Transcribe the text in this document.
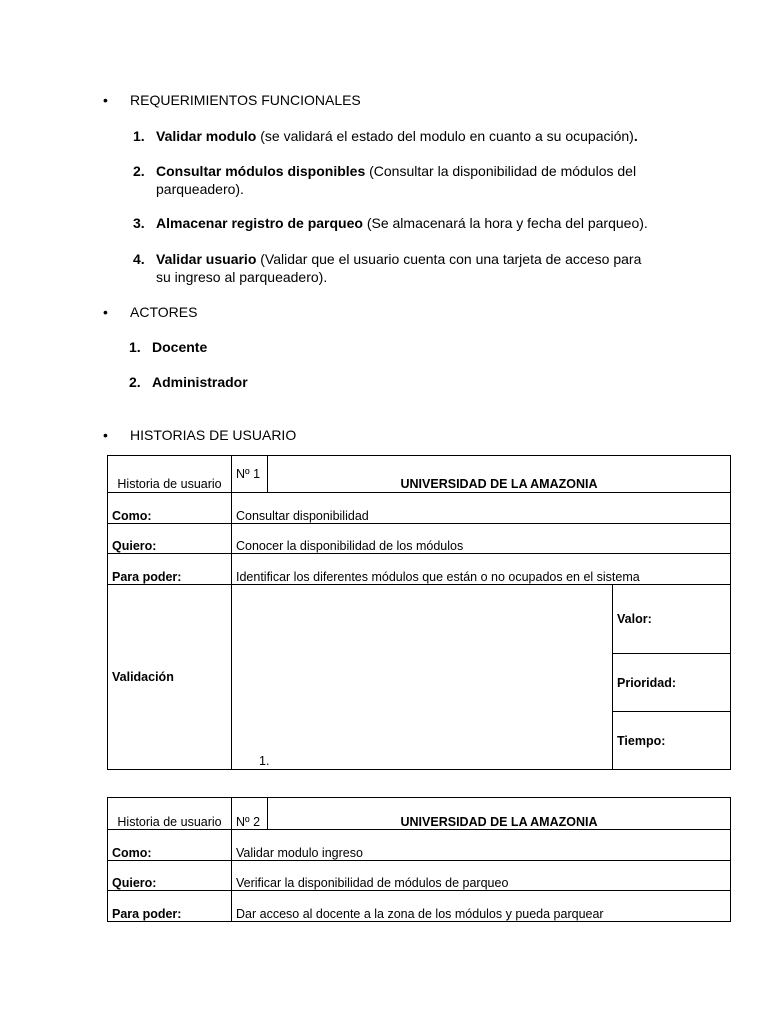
•	REQUERIMIENTOS FUNCIONALES
1. Validar modulo (se validará el estado del modulo en cuanto a su ocupación).
2. Consultar módulos disponibles (Consultar la disponibilidad de módulos del parqueadero).
3. Almacenar registro de parqueo (Se almacenará la hora y fecha del parqueo).
4. Validar usuario (Validar que el usuario cuenta con una tarjeta de acceso para su ingreso al parqueadero).
•	ACTORES
1. Docente
2. Administrador
•	HISTORIAS DE USUARIO
Historia de usuario	Nº 1	UNIVERSIDAD DE LA AMAZONIA	
Como:	Consultar disponibilidad		
Quiero:	Conocer la disponibilidad de los módulos		
Para poder:	Identificar los diferentes módulos que están o no ocupados en el sistema		
Validación	1.		Valor:
			Prioridad:
			Tiempo:
Historia de usuario	Nº 2	UNIVERSIDAD DE LA AMAZONIA
Como:	Validar modulo ingreso	
Quiero:	Verificar la disponibilidad de módulos de parqueo	
Para poder:	Dar acceso al docente a la zona de los módulos y pueda parquear	
